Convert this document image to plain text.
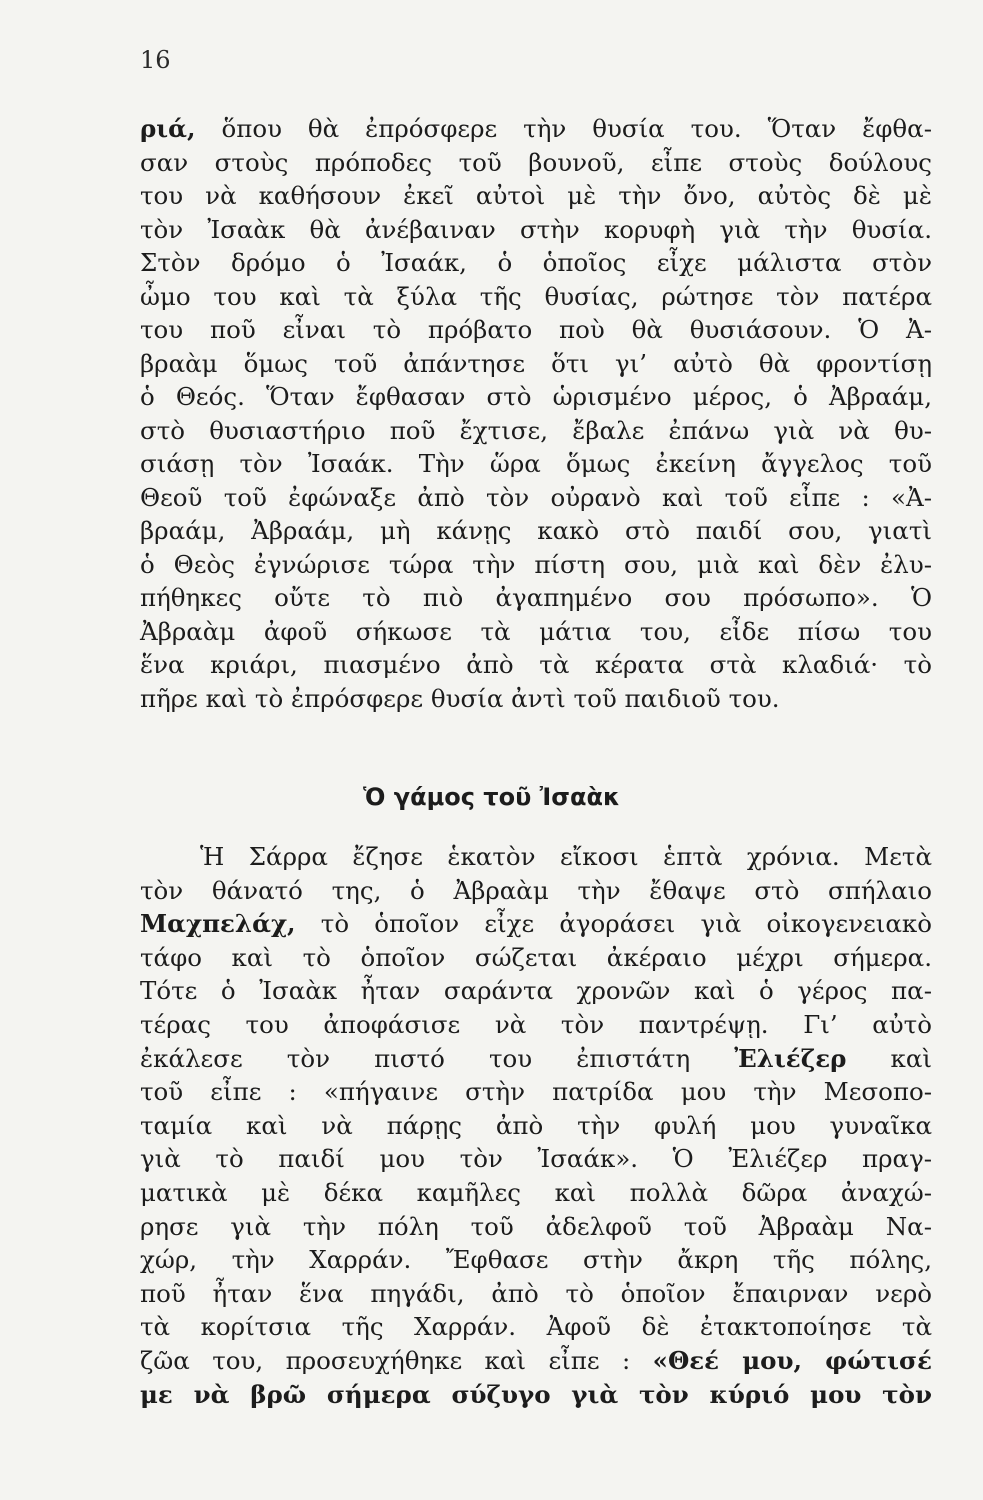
16
ριά, ὅπου θὰ ἐπρόσφερε τὴν θυσία του. Ὅταν ἔφθα-
σαν στοὺς πρόποδες τοῦ βουνοῦ, εἶπε στοὺς δούλους
του νὰ καθήσουν ἐκεῖ αὐτοὶ μὲ τὴν ὄνο, αὐτὸς δὲ μὲ
τὸν Ἰσαὰκ θὰ ἀνέβαιναν στὴν κορυφὴ γιὰ τὴν θυσία.
Στὸν δρόμο ὁ Ἰσαάκ, ὁ ὁποῖος εἶχε μάλιστα στὸν
ὦμο του καὶ τὰ ξύλα τῆς θυσίας, ρώτησε τὸν πατέρα
του ποῦ εἶναι τὸ πρόβατο ποὺ θὰ θυσιάσουν. Ὁ Ἀ-
βραὰμ ὅμως τοῦ ἀπάντησε ὅτι γι’ αὐτὸ θὰ φροντίσῃ
ὁ Θεός. Ὅταν ἔφθασαν στὸ ὡρισμένο μέρος, ὁ Ἀβραάμ,
στὸ θυσιαστήριο ποῦ ἔχτισε, ἔβαλε ἐπάνω γιὰ νὰ θυ-
σιάσῃ τὸν Ἰσαάκ. Τὴν ὥρα ὅμως ἐκείνη ἄγγελος τοῦ
Θεοῦ τοῦ ἐφώναξε ἀπὸ τὸν οὐρανὸ καὶ τοῦ εἶπε : «Ἀ-
βραάμ, Ἀβραάμ, μὴ κάνῃς κακὸ στὸ παιδί σου, γιατὶ
ὁ Θεὸς ἐγνώρισε τώρα τὴν πίστη σου, μιὰ καὶ δὲν ἐλυ-
πήθηκες οὔτε τὸ πιὸ ἀγαπημένο σου πρόσωπο». Ὁ
Ἀβραὰμ ἀφοῦ σήκωσε τὰ μάτια του, εἶδε πίσω του
ἕνα κριάρι, πιασμένο ἀπὸ τὰ κέρατα στὰ κλαδιά· τὸ
πῆρε καὶ τὸ ἐπρόσφερε θυσία ἀντὶ τοῦ παιδιοῦ του.
Ὁ γάμος τοῦ Ἰσαὰκ
Ἡ Σάρρα ἔζησε ἑκατὸν εἴκοσι ἑπτὰ χρόνια. Μετὰ
τὸν θάνατό της, ὁ Ἀβραὰμ τὴν ἔθαψε στὸ σπήλαιο
Μαχπελάχ, τὸ ὁποῖον εἶχε ἀγοράσει γιὰ οἰκογενειακὸ
τάφο καὶ τὸ ὁποῖον σώζεται ἀκέραιο μέχρι σήμερα.
Τότε ὁ Ἰσαὰκ ἦταν σαράντα χρονῶν καὶ ὁ γέρος πα-
τέρας του ἀποφάσισε νὰ τὸν παντρέψῃ. Γι’ αὐτὸ
ἐκάλεσε τὸν πιστό του ἐπιστάτη Ἐλιέζερ καὶ
τοῦ εἶπε : «πήγαινε στὴν πατρίδα μου τὴν Μεσοπο-
ταμία καὶ νὰ πάρῃς ἀπὸ τὴν φυλή μου γυναῖκα
γιὰ τὸ παιδί μου τὸν Ἰσαάκ». Ὁ Ἐλιέζερ πραγ-
ματικὰ μὲ δέκα καμῆλες καὶ πολλὰ δῶρα ἀναχώ-
ρησε γιὰ τὴν πόλη τοῦ ἀδελφοῦ τοῦ Ἀβραὰμ Να-
χώρ, τὴν Χαρράν. Ἔφθασε στὴν ἄκρη τῆς πόλης,
ποῦ ἦταν ἕνα πηγάδι, ἀπὸ τὸ ὁποῖον ἔπαιρναν νερὸ
τὰ κορίτσια τῆς Χαρράν. Ἀφοῦ δὲ ἐτακτοποίησε τὰ
ζῶα του, προσευχήθηκε καὶ εἶπε : «Θεέ μου, φώτισέ
με νὰ βρῶ σήμερα σύζυγο γιὰ τὸν κύριό μου τὸν
